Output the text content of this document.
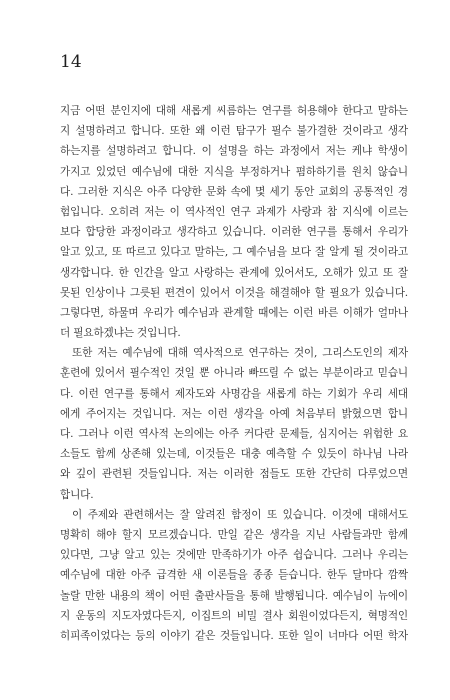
14
지금 어떤 분인지에 대해 새롭게 씨름하는 연구를 허용해야 한다고 말하는
지 설명하려고 합니다. 또한 왜 이런 탐구가 필수 불가결한 것이라고 생각
하는지를 설명하려고 합니다. 이 설명을 하는 과정에서 저는 케냐 학생이
가지고 있었던 예수님에 대한 지식을 부정하거나 폄하하기를 원치 않습니
다. 그러한 지식은 아주 다양한 문화 속에 몇 세기 동안 교회의 공통적인 경
험입니다. 오히려 저는 이 역사적인 연구 과제가 사랑과 참 지식에 이르는
보다 합당한 과정이라고 생각하고 있습니다. 이러한 연구를 통해서 우리가
알고 있고, 또 따르고 있다고 말하는, 그 예수님을 보다 잘 알게 될 것이라고
생각합니다. 한 인간을 알고 사랑하는 관계에 있어서도, 오해가 있고 또 잘
못된 인상이나 그릇된 편견이 있어서 이것을 해결해야 할 필요가 있습니다.
그렇다면, 하물며 우리가 예수님과 관계할 때에는 이런 바른 이해가 얼마나
더 필요하겠냐는 것입니다.
또한 저는 예수님에 대해 역사적으로 연구하는 것이, 그리스도인의 제자
훈련에 있어서 필수적인 것일 뿐 아니라 빠뜨릴 수 없는 부분이라고 믿습니
다. 이런 연구를 통해서 제자도와 사명감을 새롭게 하는 기회가 우리 세대
에게 주어지는 것입니다. 저는 이런 생각을 아예 처음부터 밝혔으면 합니
다. 그러나 이런 역사적 논의에는 아주 커다란 문제들, 심지어는 위험한 요
소들도 함께 상존해 있는데, 이것들은 대충 예측할 수 있듯이 하나님 나라
와 깊이 관련된 것들입니다. 저는 이러한 점들도 또한 간단히 다루었으면
합니다.
이 주제와 관련해서는 잘 알려진 함정이 또 있습니다. 이것에 대해서도
명확히 해야 할지 모르겠습니다. 만일 같은 생각을 지닌 사람들과만 함께
있다면, 그냥 알고 있는 것에만 만족하기가 아주 쉽습니다. 그러나 우리는
예수님에 대한 아주 급격한 새 이론들을 종종 듣습니다. 한두 달마다 깜짝
놀랄 만한 내용의 책이 어떤 출판사들을 통해 발행됩니다. 예수님이 뉴에이
지 운동의 지도자였다든지, 이집트의 비밀 결사 회원이었다든지, 혁명적인
히피족이었다는 등의 이야기 같은 것들입니다. 또한 일이 너마다 어떤 학자
